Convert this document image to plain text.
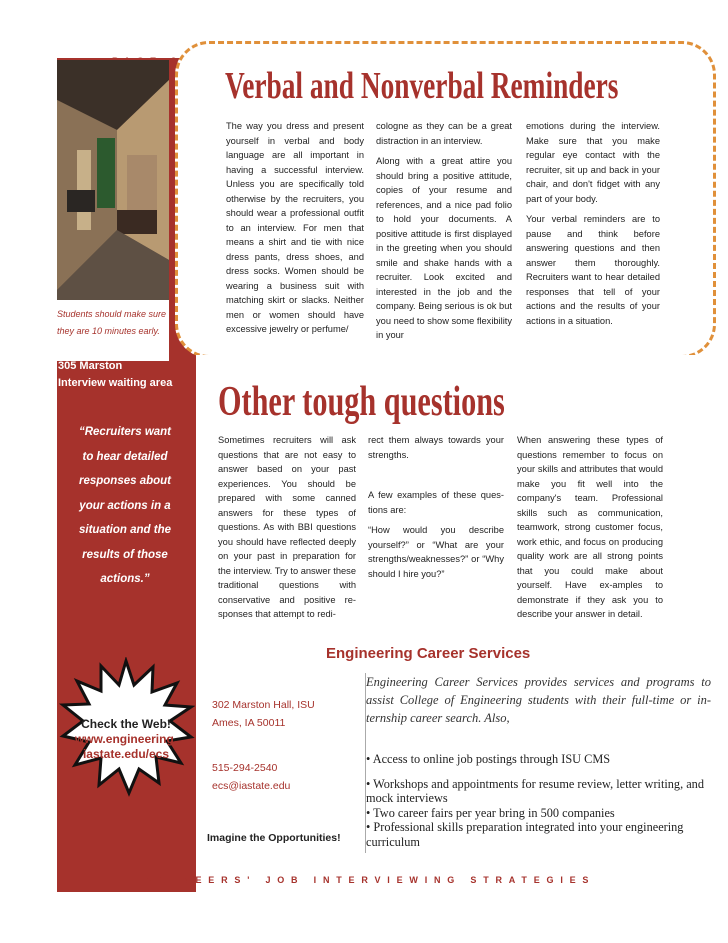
Students should make sure
they are 10 minutes early.
305 Marston
Interview waiting area
Verbal and Nonverbal Reminders

The way you dress and present yourself in verbal and body language are all important in having a successful interview. Unless you are specifically told otherwise by the recruiters, you should wear a professional outfit to an interview. For men that means a shirt and tie with nice dress pants, dress shoes, and dress socks. Women should be wearing a business suit with matching skirt or slacks. Neither men or women should have excessive jewelry or perfume/

cologne as they can be a great distraction in an interview.

Along with a great attire you should bring a positive attitude, copies of your resume and references, and a nice pad folio to hold your documents. A positive attitude is first displayed in the greeting when you should smile and shake hands with a recruiter. Look excited and interested in the job and the company. Being serious is ok but you need to show some flexibility in your

emotions during the interview. Make sure that you make regular eye contact with the recruiter, sit up and back in your chair, and don't fidget with any part of your body.

Your verbal reminders are to pause and think before answering questions and then answer them thoroughly. Recruiters want to hear detailed responses that tell of your actions and the results of your actions in a situation.

Other tough questions

Sometimes recruiters will ask questions that are not easy to answer based on your past experiences. You should be prepared with some canned answers for these types of questions. As with BBI questions you should have reflected deeply on your past in preparation for the interview. Try to answer these traditional questions with conservative and positive re-sponses that attempt to redi-

rect them always towards your strengths.

A few examples of these ques-tions are:

“How would you describe yourself?” or “What are your strengths/weaknesses?” or “Why should I hire you?”

When answering these types of questions remember to focus on your skills and attributes that would make you fit well into the company's team. Professional skills such as communication, teamwork, strong customer focus, work ethic, and focus on producing quality work are all strong points that you could make about yourself. Have ex-amples to demonstrate if they ask you to describe your answer in detail.

“Recruiters want

to hear detailed

responses about

your actions in a

situation and the

results of those

actions.”

Check the Web!
www.engineering.
iastate.edu/ecs
Engineering Career Services
Engineering Career Services provides services and programs to assist College of Engineering students with their full-time or in-ternship career search. Also,
302 Marston Hall, ISU
Ames, IA 50011
515-294-2540
ecs@iastate.edu
• Access to online job postings through ISU CMS
• Workshops and appointments for resume review, letter writing, and mock interviews
• Two career fairs per year bring in 500 companies
• Professional skills preparation integrated into your engineering curriculum
Imagine the Opportunities!
ENGINEERS' JOB INTERVIEWING STRATEGIES
